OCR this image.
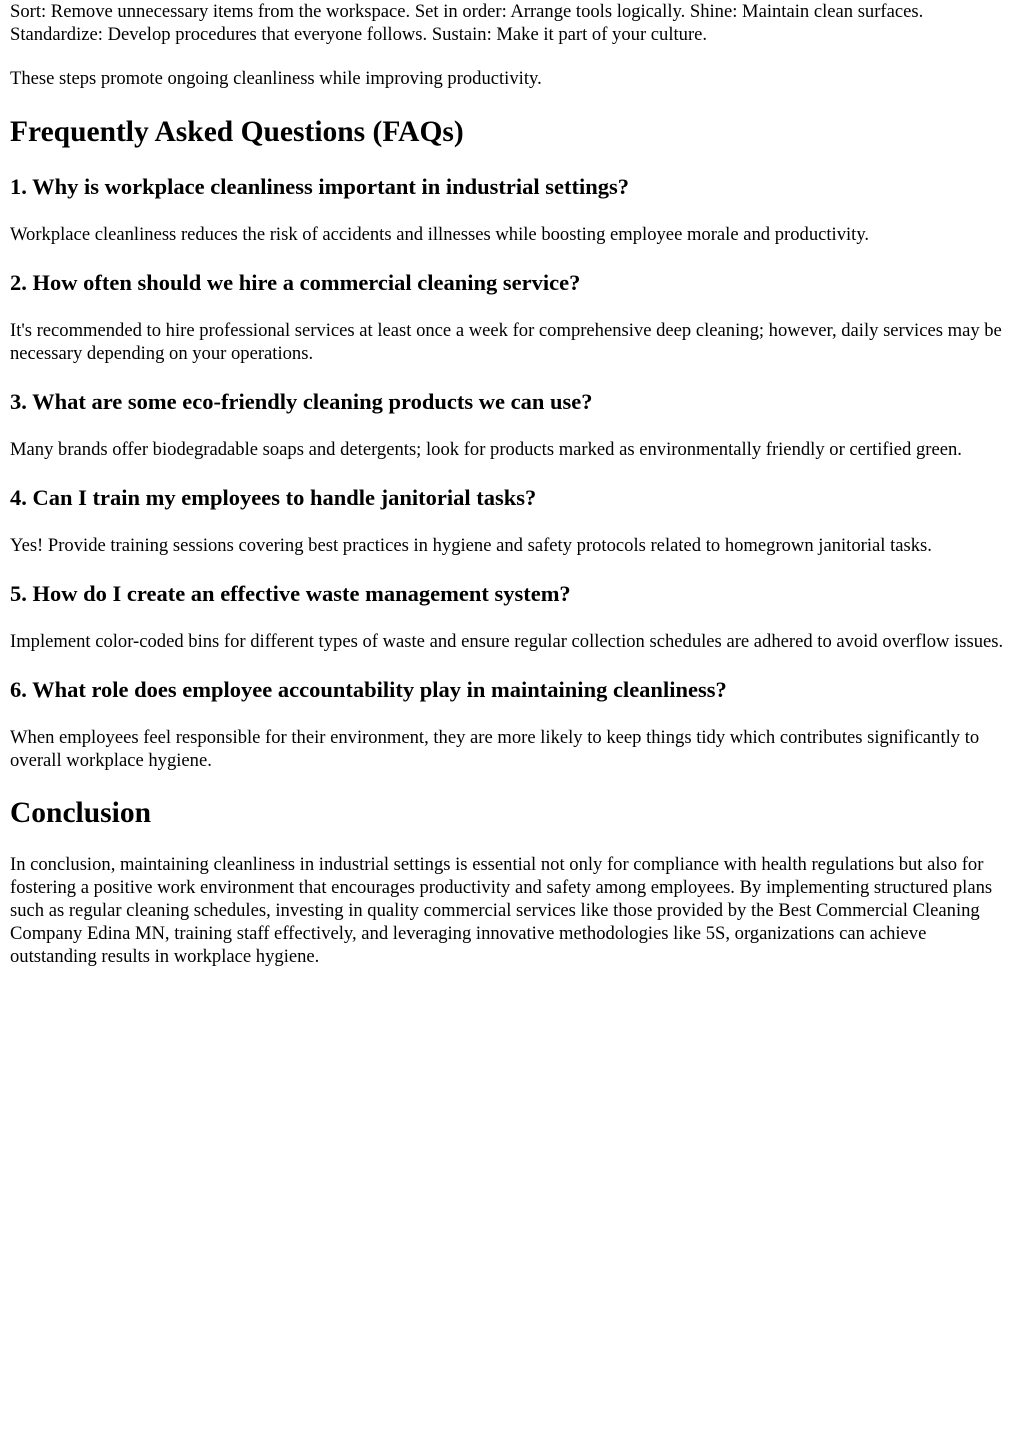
Sort: Remove unnecessary items from the workspace. Set in order: Arrange tools logically. Shine: Maintain clean surfaces. Standardize: Develop procedures that everyone follows. Sustain: Make it part of your culture.

These steps promote ongoing cleanliness while improving productivity.

Frequently Asked Questions (FAQs)
1. Why is workplace cleanliness important in industrial settings?

Workplace cleanliness reduces the risk of accidents and illnesses while boosting employee morale and productivity.

2. How often should we hire a commercial cleaning service?

It's recommended to hire professional services at least once a week for comprehensive deep cleaning; however, daily services may be necessary depending on your operations.

3. What are some eco-friendly cleaning products we can use?

Many brands offer biodegradable soaps and detergents; look for products marked as environmentally friendly or certified green.

4. Can I train my employees to handle janitorial tasks?

Yes! Provide training sessions covering best practices in hygiene and safety protocols related to homegrown janitorial tasks.

5. How do I create an effective waste management system?

Implement color-coded bins for different types of waste and ensure regular collection schedules are adhered to avoid overflow issues.

6. What role does employee accountability play in maintaining cleanliness?

When employees feel responsible for their environment, they are more likely to keep things tidy which contributes significantly to overall workplace hygiene.

Conclusion

In conclusion, maintaining cleanliness in industrial settings is essential not only for compliance with health regulations but also for fostering a positive work environment that encourages productivity and safety among employees. By implementing structured plans such as regular cleaning schedules, investing in quality commercial services like those provided by the Best Commercial Cleaning Company Edina MN, training staff effectively, and leveraging innovative methodologies like 5S, organizations can achieve outstanding results in workplace hygiene.
